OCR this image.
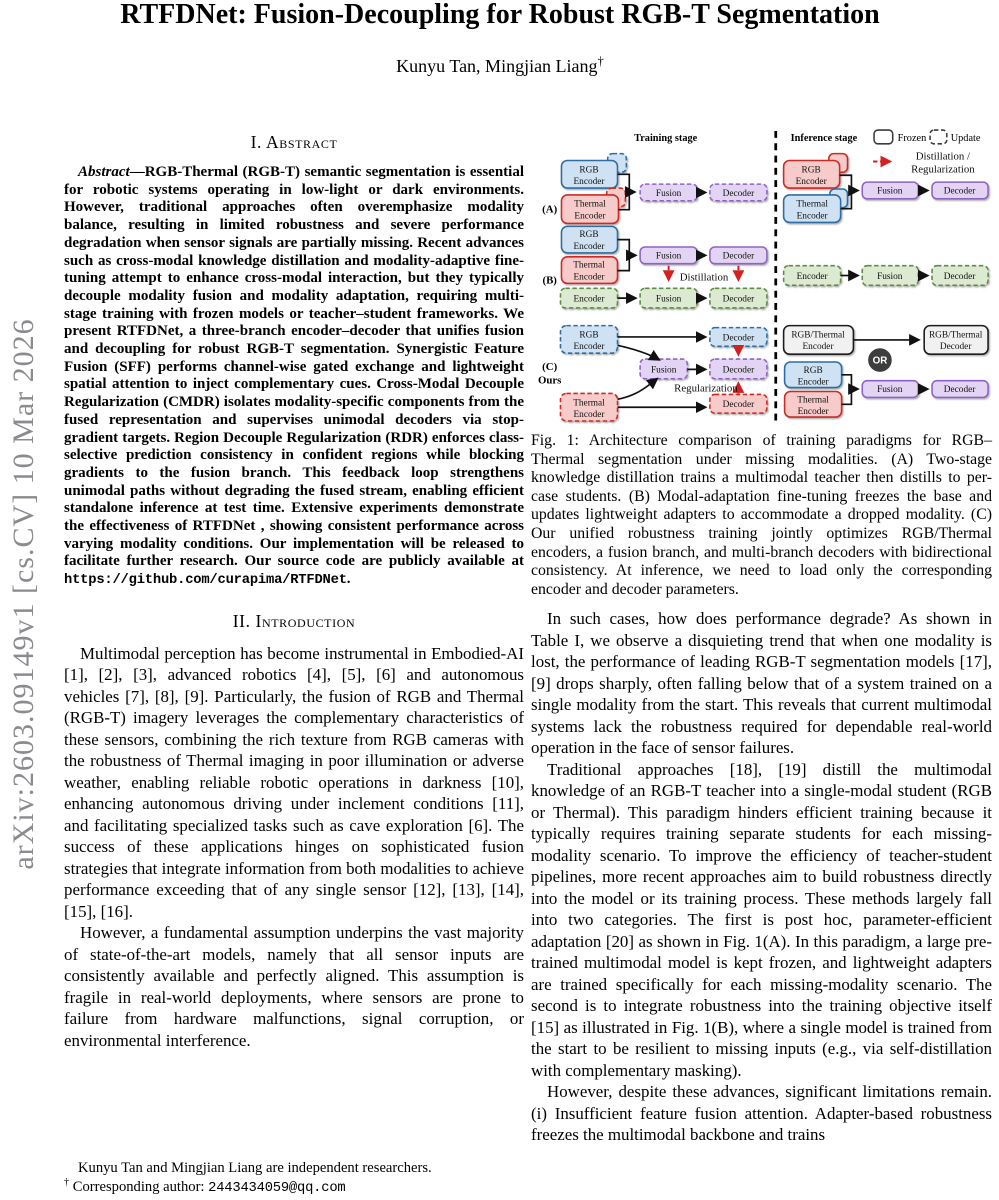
arXiv:2603.09149v1 [cs.CV] 10 Mar 2026
RTFDNet: Fusion-Decoupling for Robust RGB-T Segmentation
Kunyu Tan, Mingjian Liang†
I. Abstract

Abstract—RGB-Thermal (RGB-T) semantic segmentation is essential for robotic systems operating in low-light or dark environments. However, traditional approaches often overemphasize modality balance, resulting in limited robustness and severe performance degradation when sensor signals are partially missing. Recent advances such as cross-modal knowledge distillation and modality-adaptive fine-tuning attempt to enhance cross-modal interaction, but they typically decouple modality fusion and modality adaptation, requiring multi-stage training with frozen models or teacher–student frameworks. We present RTFDNet, a three-branch encoder–decoder that unifies fusion and decoupling for robust RGB-T segmentation. Synergistic Feature Fusion (SFF) performs channel-wise gated exchange and lightweight spatial attention to inject complementary cues. Cross-Modal Decouple Regularization (CMDR) isolates modality-specific components from the fused representation and supervises unimodal decoders via stop-gradient targets. Region Decouple Regularization (RDR) enforces class-selective prediction consistency in confident regions while blocking gradients to the fusion branch. This feedback loop strengthens unimodal paths without degrading the fused stream, enabling efficient standalone inference at test time. Extensive experiments demonstrate the effectiveness of RTFDNet , showing consistent performance across varying modality conditions. Our implementation will be released to facilitate further research. Our source code are publicly available at https://github.com/curapima/RTFDNet.

II. Introduction

Multimodal perception has become instrumental in Embodied-AI [1], [2], [3], advanced robotics [4], [5], [6] and autonomous vehicles [7], [8], [9]. Particularly, the fusion of RGB and Thermal (RGB-T) imagery leverages the complementary characteristics of these sensors, combining the rich texture from RGB cameras with the robustness of Thermal imaging in poor illumination or adverse weather, enabling reliable robotic operations in darkness [10], enhancing autonomous driving under inclement conditions [11], and facilitating specialized tasks such as cave exploration [6]. The success of these applications hinges on sophisticated fusion strategies that integrate information from both modalities to achieve performance exceeding that of any single sensor [12], [13], [14], [15], [16].

However, a fundamental assumption underpins the vast majority of state-of-the-art models, namely that all sensor inputs are consistently available and perfectly aligned. This assumption is fragile in real-world deployments, where sensors are prone to failure from hardware malfunctions, signal corruption, or environmental interference.

Kunyu Tan and Mingjian Liang are independent researchers.
† Corresponding author: 2443434059@qq.com
Training stage	Inference stage	Frozen Update
Distillation /
Regularization
OR
(A)
(B)
(C)
Ours
RGB
Encoder
Thermal
Encoder
Fusion	Decoder
RGB
Encoder
Thermal
Encoder
Fusion	Decoder
RGB
Encoder
Thermal
Encoder
Fusion	Decoder
Distillation
Encoder	Fusion	Decoder
Encoder	Fusion	Decoder
RGB
Encoder
Decoder
Fusion	Decoder
Regularization
Thermal
Encoder
Decoder
RGB/Thermal
Encoder
RGB/Thermal
Decoder
RGB
Encoder
Thermal
Encoder
Fusion	Decoder

Fig. 1: Architecture comparison of training paradigms for RGB–Thermal segmentation under missing modalities. (A) Two-stage knowledge distillation trains a multimodal teacher then distills to per-case students. (B) Modal-adaptation fine-tuning freezes the base and updates lightweight adapters to accommodate a dropped modality. (C) Our unified robustness training jointly optimizes RGB/Thermal encoders, a fusion branch, and multi-branch decoders with bidirectional consistency. At inference, we need to load only the corresponding encoder and decoder parameters.

In such cases, how does performance degrade? As shown in Table I, we observe a disquieting trend that when one modality is lost, the performance of leading RGB-T segmentation models [17], [9] drops sharply, often falling below that of a system trained on a single modality from the start. This reveals that current multimodal systems lack the robustness required for dependable real-world operation in the face of sensor failures.

Traditional approaches [18], [19] distill the multimodal knowledge of an RGB-T teacher into a single-modal student (RGB or Thermal). This paradigm hinders efficient training because it typically requires training separate students for each missing-modality scenario. To improve the efficiency of teacher-student pipelines, more recent approaches aim to build robustness directly into the model or its training process. These methods largely fall into two categories. The first is post hoc, parameter-efficient adaptation [20] as shown in Fig. 1(A). In this paradigm, a large pre-trained multimodal model is kept frozen, and lightweight adapters are trained specifically for each missing-modality scenario. The second is to integrate robustness into the training objective itself [15] as illustrated in Fig. 1(B), where a single model is trained from the start to be resilient to missing inputs (e.g., via self-distillation with complementary masking).

However, despite these advances, significant limitations remain. (i) Insufficient feature fusion attention. Adapter-based robustness freezes the multimodal backbone and trains
